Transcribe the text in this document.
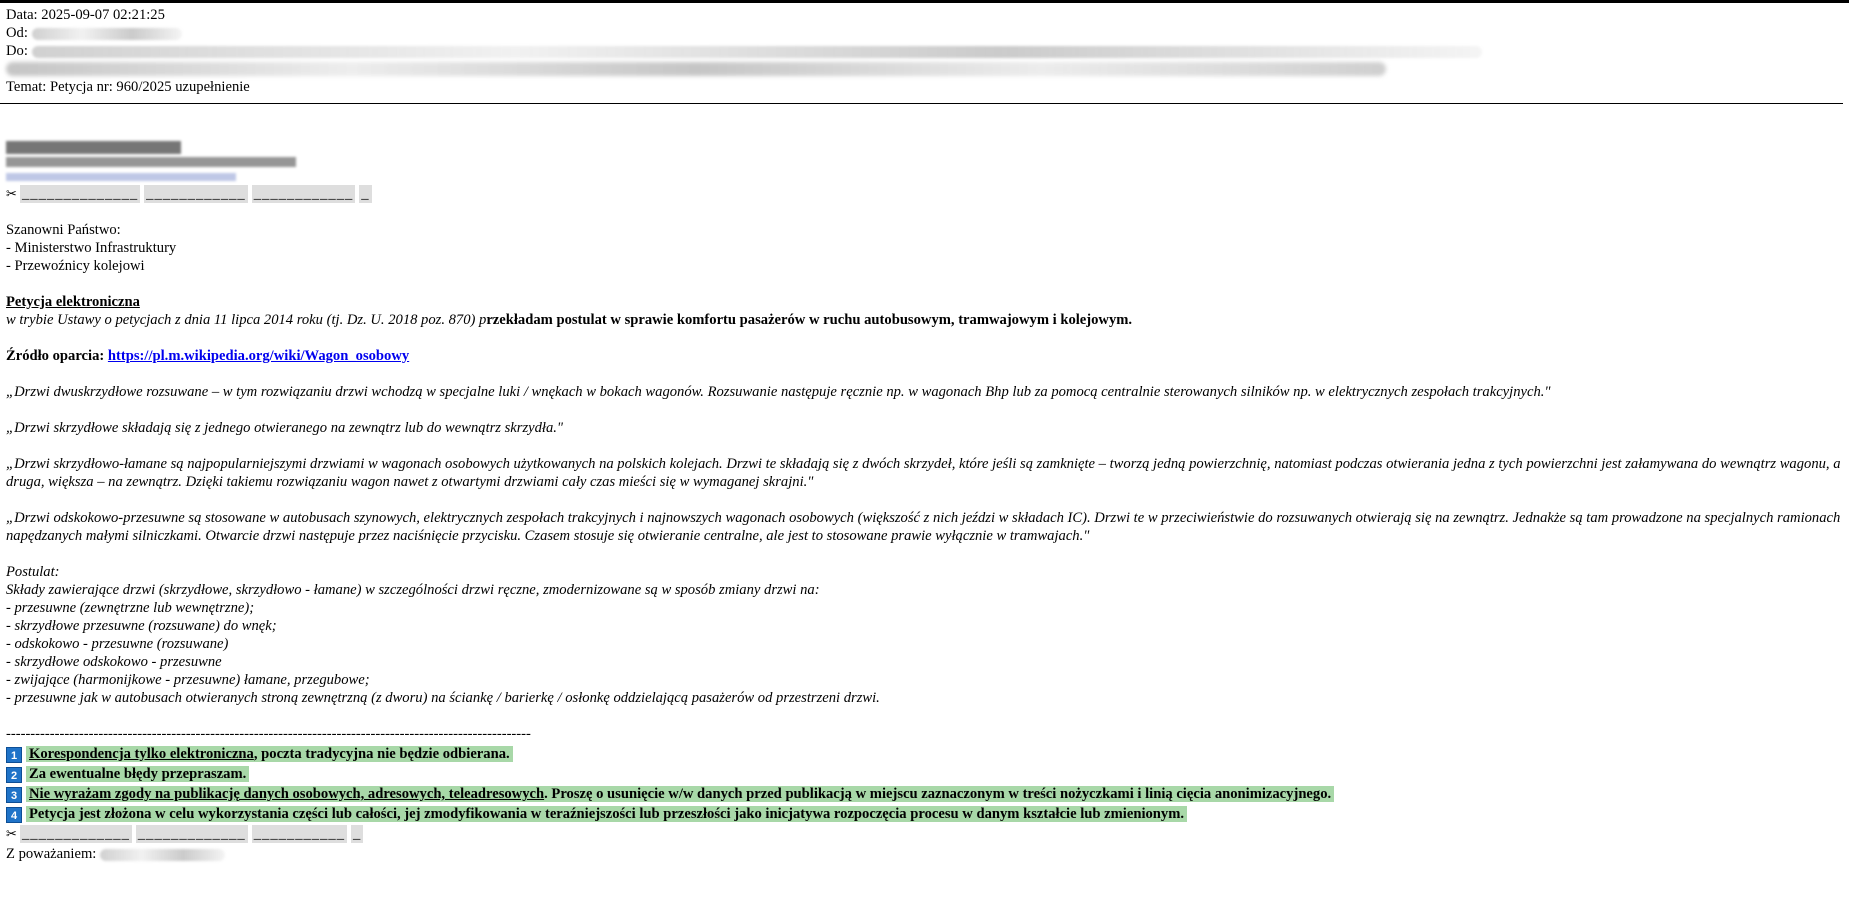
Data: 2025-09-07 02:21:25
Od:
Do:
Temat: Petycja nr: 960/2025 uzupełnienie
✂ ______________ ____________ ____________ _
Szanowni Państwo:
- Ministerstwo Infrastruktury
- Przewoźnicy kolejowi
Petycja elektroniczna
w trybie Ustawy o petycjach z dnia 11 lipca 2014 roku (tj. Dz. U. 2018 poz. 870) przekładam postulat w sprawie komfortu pasażerów w ruchu autobusowym, tramwajowym i kolejowym.
Źródło oparcia: https://pl.m.wikipedia.org/wiki/Wagon_osobowy
„Drzwi dwuskrzydłowe rozsuwane – w tym rozwiązaniu drzwi wchodzą w specjalne luki / wnękach w bokach wagonów. Rozsuwanie następuje ręcznie np. w wagonach Bhp lub za pomocą centralnie sterowanych silników np. w elektrycznych zespołach trakcyjnych."
„Drzwi skrzydłowe składają się z jednego otwieranego na zewnątrz lub do wewnątrz skrzydła."
„Drzwi skrzydłowo-łamane są najpopularniejszymi drzwiami w wagonach osobowych użytkowanych na polskich kolejach. Drzwi te składają się z dwóch skrzydeł, które jeśli są zamknięte – tworzą jedną powierzchnię, natomiast podczas otwierania jedna z tych powierzchni jest załamywana do wewnątrz wagonu, a druga, większa – na zewnątrz. Dzięki takiemu rozwiązaniu wagon nawet z otwartymi drzwiami cały czas mieści się w wymaganej skrajni."
„Drzwi odskokowo-przesuwne są stosowane w autobusach szynowych, elektrycznych zespołach trakcyjnych i najnowszych wagonach osobowych (większość z nich jeździ w składach IC). Drzwi te w przeciwieństwie do rozsuwanych otwierają się na zewnątrz. Jednakże są tam prowadzone na specjalnych ramionach napędzanych małymi silniczkami. Otwarcie drzwi następuje przez naciśnięcie przycisku. Czasem stosuje się otwieranie centralne, ale jest to stosowane prawie wyłącznie w tramwajach."
Postulat:
Składy zawierające drzwi (skrzydłowe, skrzydłowo - łamane) w szczególności drzwi ręczne, zmodernizowane są w sposób zmiany drzwi na:
- przesuwne (zewnętrzne lub wewnętrzne);
- skrzydłowe przesuwne (rozsuwane) do wnęk;
- odskokowo - przesuwne (rozsuwane)
- skrzydłowe odskokowo - przesuwne
- zwijające (harmonijkowe - przesuwne) łamane, przegubowe;
- przesuwne jak w autobusach otwieranych stroną zewnętrzną (z dworu) na ściankę / barierkę / osłonkę oddzielającą pasażerów od przestrzeni drzwi.
------------------------------------------------------------------------------------------------------------
1 Korespondencja tylko elektroniczna, poczta tradycyjna nie będzie odbierana.
2 Za ewentualne błędy przepraszam.
3 Nie wyrażam zgody na publikację danych osobowych, adresowych, teleadresowych. Proszę o usunięcie w/w danych przed publikacją w miejscu zaznaczonym w treści nożyczkami i linią cięcia anonimizacyjnego.
4 Petycja jest złożona w celu wykorzystania części lub całości, jej zmodyfikowania w teraźniejszości lub przeszłości jako inicjatywa rozpoczęcia procesu w danym kształcie lub zmienionym.
✂ _____________ _____________ ___________ _
Z poważaniem:
